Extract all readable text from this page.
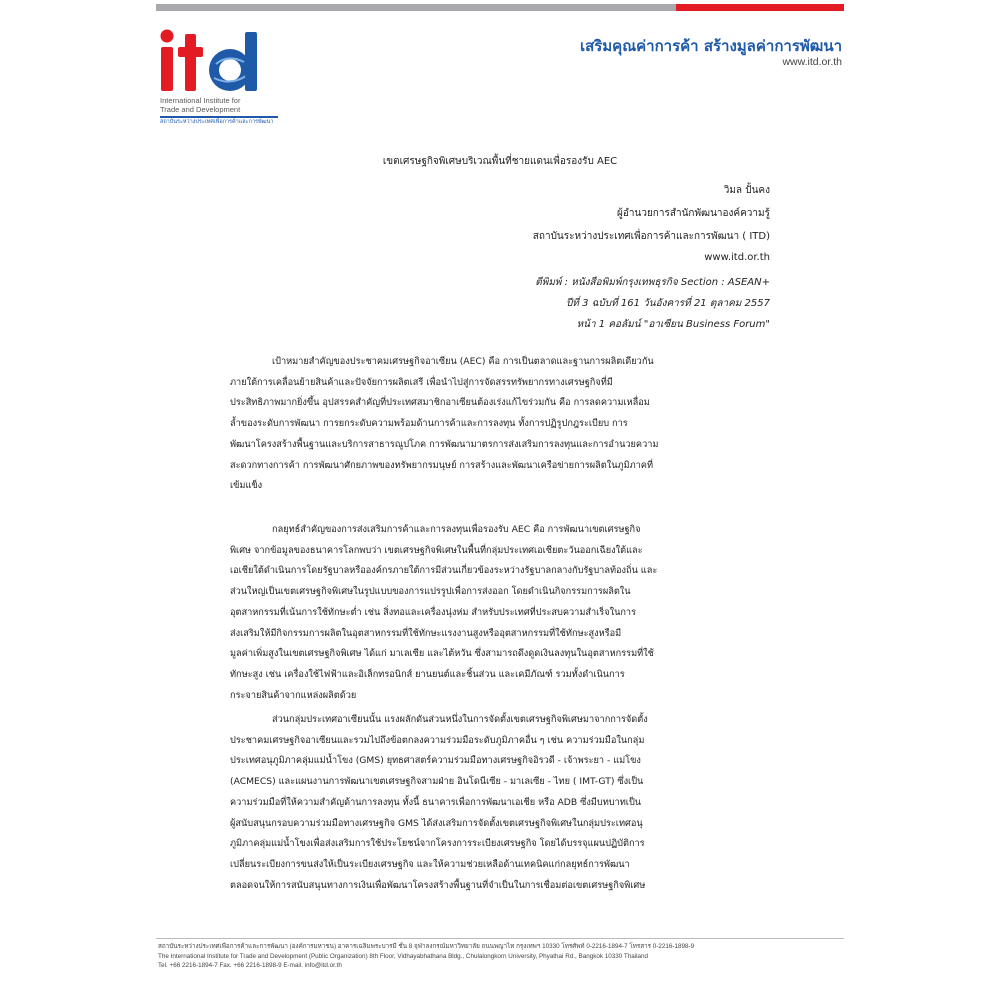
International Institute for
Trade and Development
สถาบันระหว่างประเทศเพื่อการค้าและการพัฒนา
เสริมคุณค่าการค้า สร้างมูลค่าการพัฒนา
www.itd.or.th
เขตเศรษฐกิจพิเศษบริเวณพื้นที่ชายแดนเพื่อรองรับ AEC
วิมล ปั้นคง
ผู้อำนวยการสำนักพัฒนาองค์ความรู้
สถาบันระหว่างประเทศเพื่อการค้าและการพัฒนา ( ITD)
www.itd.or.th
ตีพิมพ์ : หนังสือพิมพ์กรุงเทพธุรกิจ Section : ASEAN+
ปีที่ 3 ฉบับที่ 161 วันอังคารที่ 21 ตุลาคม 2557
หน้า 1 คอลัมน์ "อาเซียน Business Forum"
เป้าหมายสำคัญของประชาคมเศรษฐกิจอาเซียน (AEC) คือ การเป็นตลาดและฐานการผลิตเดียวกัน
ภายใต้การเคลื่อนย้ายสินค้าและปัจจัยการผลิตเสรี เพื่อนำไปสู่การจัดสรรทรัพยากรทางเศรษฐกิจที่มี
ประสิทธิภาพมากยิ่งขึ้น อุปสรรคสำคัญที่ประเทศสมาชิกอาเซียนต้องเร่งแก้ไขร่วมกัน คือ การลดความเหลื่อม
ล้ำของระดับการพัฒนา การยกระดับความพร้อมด้านการค้าและการลงทุน ทั้งการปฏิรูปกฎระเบียบ การ
พัฒนาโครงสร้างพื้นฐานและบริการสาธารณูปโภค การพัฒนามาตรการส่งเสริมการลงทุนและการอำนวยความ
สะดวกทางการค้า การพัฒนาศักยภาพของทรัพยากรมนุษย์ การสร้างและพัฒนาเครือข่ายการผลิตในภูมิภาคที่
เข้มแข็ง
กลยุทธ์สำคัญของการส่งเสริมการค้าและการลงทุนเพื่อรองรับ AEC คือ การพัฒนาเขตเศรษฐกิจ
พิเศษ จากข้อมูลของธนาคารโลกพบว่า เขตเศรษฐกิจพิเศษในพื้นที่กลุ่มประเทศเอเชียตะวันออกเฉียงใต้และ
เอเชียใต้ดำเนินการโดยรัฐบาลหรือองค์กรภายใต้การมีส่วนเกี่ยวข้องระหว่างรัฐบาลกลางกับรัฐบาลท้องถิ่น และ
ส่วนใหญ่เป็นเขตเศรษฐกิจพิเศษในรูปแบบของการแปรรูปเพื่อการส่งออก โดยดำเนินกิจกรรมการผลิตใน
อุตสาหกรรมที่เน้นการใช้ทักษะต่ำ เช่น สิ่งทอและเครื่องนุ่งห่ม สำหรับประเทศที่ประสบความสำเร็จในการ
ส่งเสริมให้มีกิจกรรมการผลิตในอุตสาหกรรมที่ใช้ทักษะแรงงานสูงหรืออุตสาหกรรมที่ใช้ทักษะสูงหรือมี
มูลค่าเพิ่มสูงในเขตเศรษฐกิจพิเศษ ได้แก่ มาเลเซีย และไต้หวัน ซึ่งสามารถดึงดูดเงินลงทุนในอุตสาหกรรมที่ใช้
ทักษะสูง เช่น เครื่องใช้ไฟฟ้าและอิเล็กทรอนิกส์ ยานยนต์และชิ้นส่วน และเคมีภัณฑ์ รวมทั้งดำเนินการ
กระจายสินค้าจากแหล่งผลิตด้วย
ส่วนกลุ่มประเทศอาเซียนนั้น แรงผลักดันส่วนหนึ่งในการจัดตั้งเขตเศรษฐกิจพิเศษมาจากการจัดตั้ง
ประชาคมเศรษฐกิจอาเซียนและรวมไปถึงข้อตกลงความร่วมมือระดับภูมิภาคอื่น ๆ เช่น ความร่วมมือในกลุ่ม
ประเทศอนุภูมิภาคลุ่มแม่น้ำโขง (GMS) ยุทธศาสตร์ความร่วมมือทางเศรษฐกิจอิรวดี - เจ้าพระยา - แม่โขง
(ACMECS) และแผนงานการพัฒนาเขตเศรษฐกิจสามฝ่าย อินโดนีเซีย - มาเลเซีย - ไทย ( IMT-GT) ซึ่งเป็น
ความร่วมมือที่ให้ความสำคัญด้านการลงทุน ทั้งนี้ ธนาคารเพื่อการพัฒนาเอเชีย หรือ ADB ซึ่งมีบทบาทเป็น
ผู้สนับสนุนกรอบความร่วมมือทางเศรษฐกิจ GMS ได้ส่งเสริมการจัดตั้งเขตเศรษฐกิจพิเศษในกลุ่มประเทศอนุ
ภูมิภาคลุ่มแม่น้ำโขงเพื่อส่งเสริมการใช้ประโยชน์จากโครงการระเบียงเศรษฐกิจ โดยได้บรรจุแผนปฏิบัติการ
เปลี่ยนระเบียงการขนส่งให้เป็นระเบียงเศรษฐกิจ และให้ความช่วยเหลือด้านเทคนิคแก่กลยุทธ์การพัฒนา
ตลอดจนให้การสนับสนุนทางการเงินเพื่อพัฒนาโครงสร้างพื้นฐานที่จำเป็นในการเชื่อมต่อเขตเศรษฐกิจพิเศษ
สถาบันระหว่างประเทศเพื่อการค้าและการพัฒนา (องค์การมหาชน) อาคารเฉลิมพระบารมี ชั้น 8 จุฬาลงกรณ์มหาวิทยาลัย ถนนพญาไท กรุงเทพฯ 10330 โทรศัพท์ 0-2216-1894-7 โทรสาร 0-2216-1898-9
The International Institute for Trade and Development (Public Organization) 8th Floor, Vidhayabhathana Bldg., Chulalongkorn University, Phyathai Rd., Bangkok 10330 Thailand
Tel. +66 2216-1894-7 Fax. +66 2216-1898-9 E-mail. info@itd.or.th
